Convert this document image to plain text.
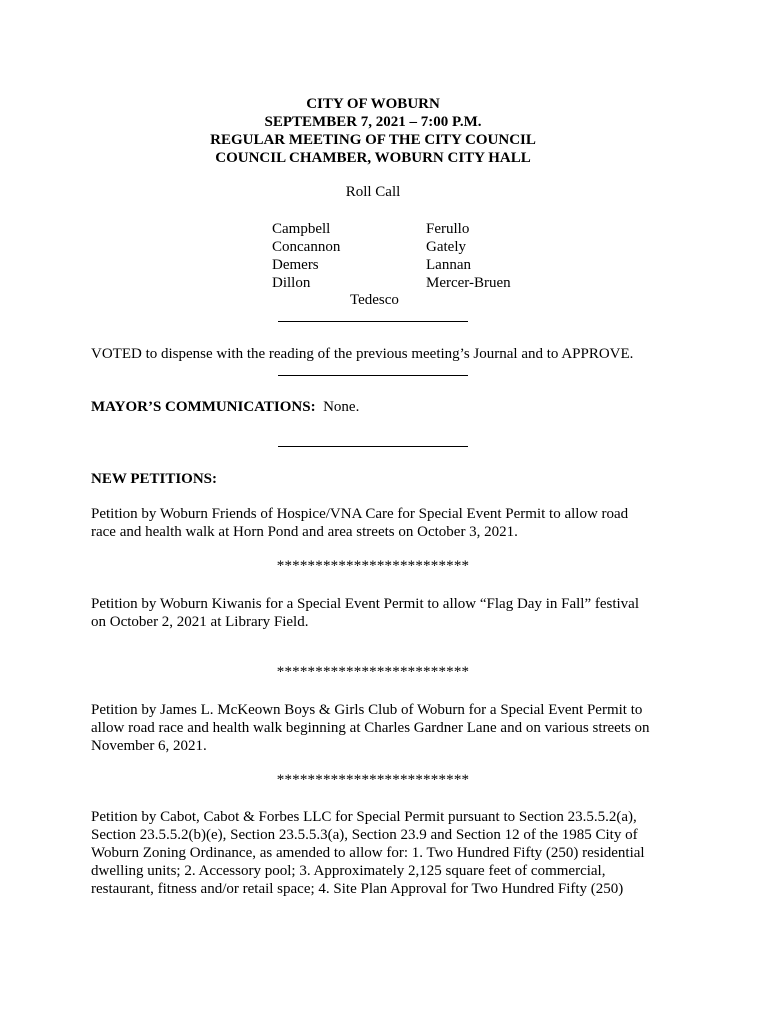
CITY OF WOBURN
SEPTEMBER 7, 2021 – 7:00 P.M.
REGULAR MEETING OF THE CITY COUNCIL
COUNCIL CHAMBER, WOBURN CITY HALL
Roll Call
Campbell
Concannon
Demers
Dillon
Ferullo
Gately
Lannan
Mercer-Bruen
Tedesco
VOTED to dispense with the reading of the previous meeting’s Journal and to APPROVE.
MAYOR’S COMMUNICATIONS: None.
NEW PETITIONS:
Petition by Woburn Friends of Hospice/VNA Care for Special Event Permit to allow road
race and health walk at Horn Pond and area streets on October 3, 2021.
*************************
Petition by Woburn Kiwanis for a Special Event Permit to allow “Flag Day in Fall” festival
on October 2, 2021 at Library Field.
*************************
Petition by James L. McKeown Boys & Girls Club of Woburn for a Special Event Permit to
allow road race and health walk beginning at Charles Gardner Lane and on various streets on
November 6, 2021.
*************************
Petition by Cabot, Cabot & Forbes LLC for Special Permit pursuant to Section 23.5.5.2(a),
Section 23.5.5.2(b)(e), Section 23.5.5.3(a), Section 23.9 and Section 12 of the 1985 City of
Woburn Zoning Ordinance, as amended to allow for: 1. Two Hundred Fifty (250) residential
dwelling units; 2. Accessory pool; 3. Approximately 2,125 square feet of commercial,
restaurant, fitness and/or retail space; 4. Site Plan Approval for Two Hundred Fifty (250)
